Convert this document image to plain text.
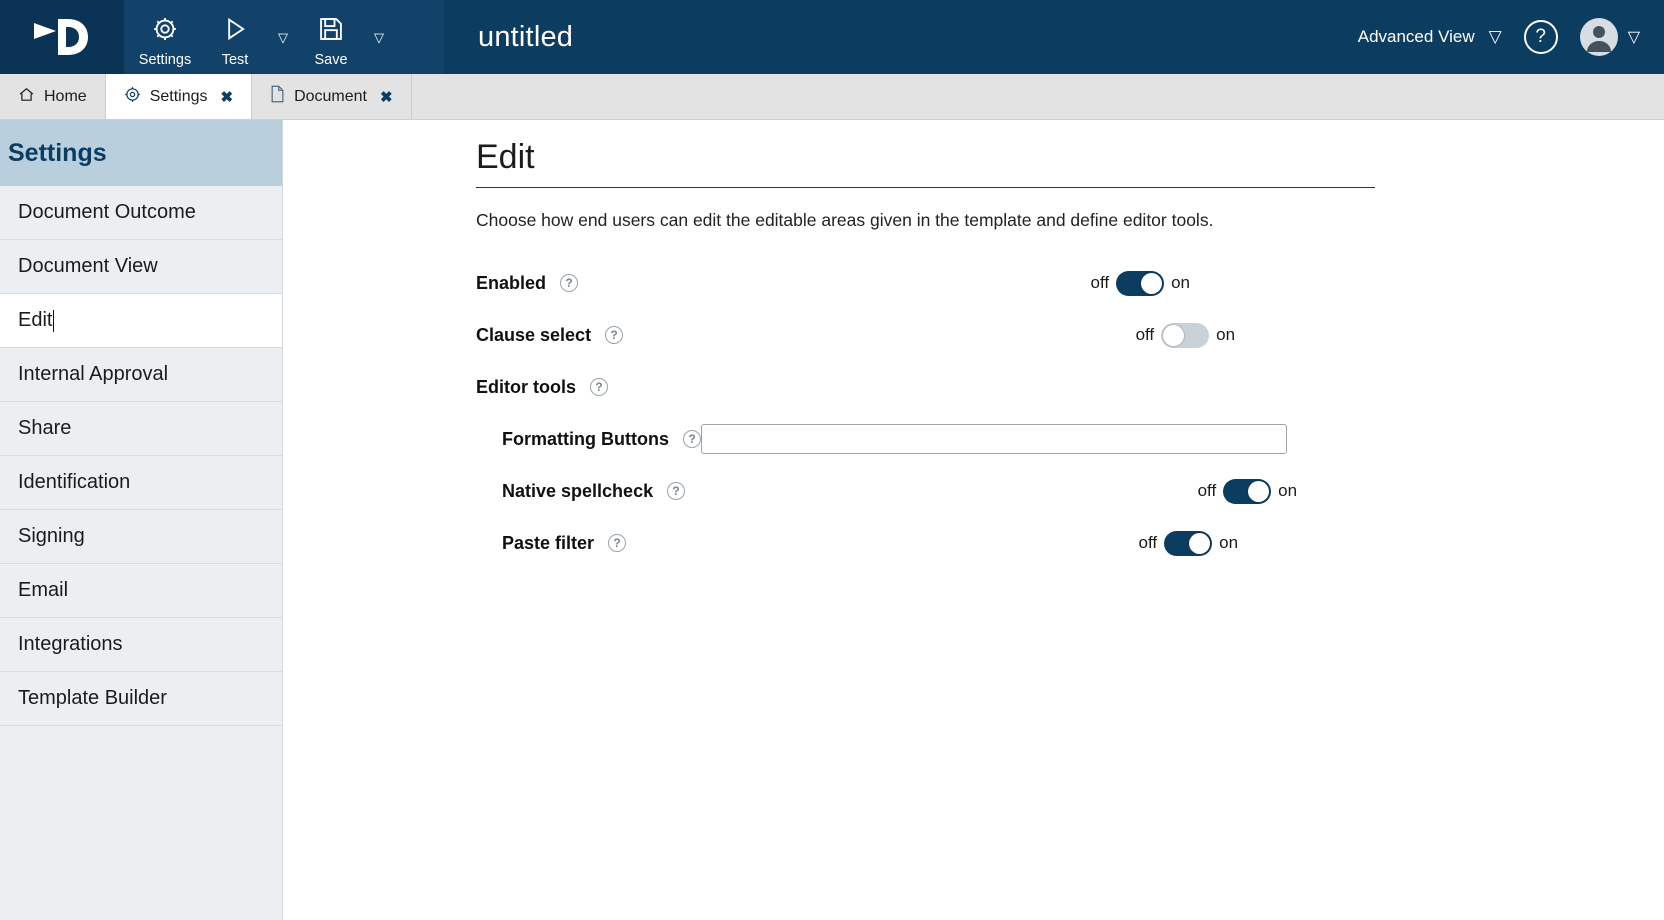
Settings Test
▽
Save
▽	untitled	Advanced View ▽ ?	▽
Home	Settings ✖	Document ✖
Settings
Document Outcome
Document View
Edit
Internal Approval
Share
Identification
Signing
Email
Integrations
Template Builder
Edit
Choose how end users can edit the editable areas given in the template and define editor tools.
Enabled	?	off	on
Clause select	?	off	on
Editor tools	?
Formatting Buttons	?
Native spellcheck	?	off	on
Paste filter	?	off	on
